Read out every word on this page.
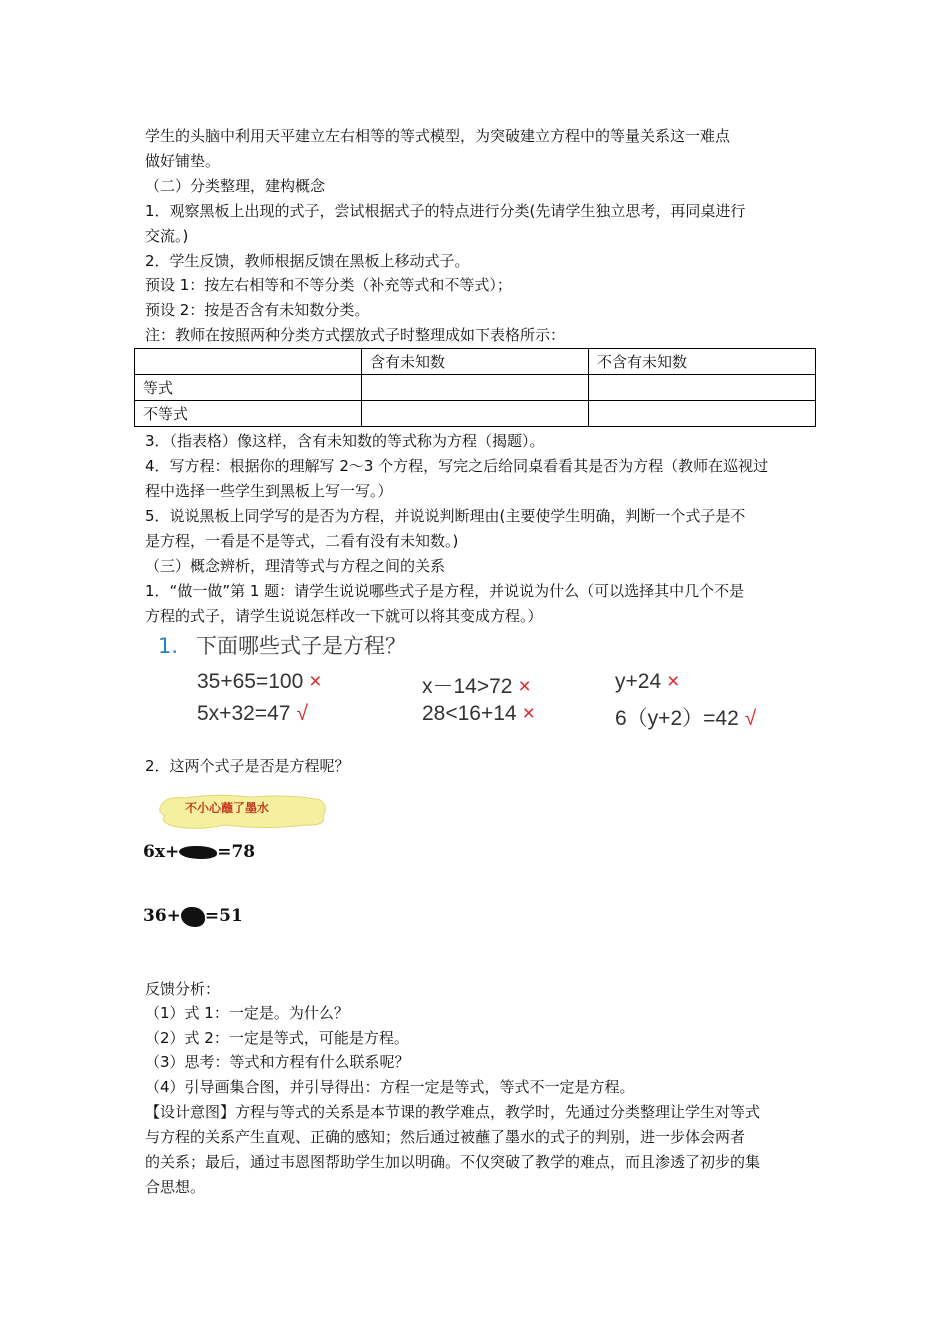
学生的头脑中利用天平建立左右相等的等式模型，为突破建立方程中的等量关系这一难点
做好铺垫。
（二）分类整理，建构概念
1．观察黑板上出现的式子，尝试根据式子的特点进行分类(先请学生独立思考，再同桌进行
交流。)
2．学生反馈，教师根据反馈在黑板上移动式子。
预设 1：按左右相等和不等分类（补充等式和不等式）；
预设 2：按是否含有未知数分类。
注：教师在按照两种分类方式摆放式子时整理成如下表格所示：
	含有未知数	不含有未知数
等式		
不等式		
3．（指表格）像这样，含有未知数的等式称为方程（揭题）。
4．写方程：根据你的理解写 2～3 个方程，写完之后给同桌看看其是否为方程（教师在巡视过
程中选择一些学生到黑板上写一写。）
5．说说黑板上同学写的是否为方程，并说说判断理由(主要使学生明确，判断一个式子是不
是方程，一看是不是等式，二看有没有未知数。)
（三）概念辨析，理清等式与方程之间的关系
1．“做一做”第 1 题：请学生说说哪些式子是方程，并说说为什么（可以选择其中几个不是
方程的式子，请学生说说怎样改一下就可以将其变成方程。）
1. 下面哪些式子是方程？
35+65=100 ×	x－14>72 ×	y+24 ×
5x+32=47 √	28<16+14 ×	6（y+2）=42 √
2．这两个式子是否是方程呢？
不小心蘸了墨水
6x+ =78
36+ =51
反馈分析：
（1）式 1：一定是。为什么？
（2）式 2：一定是等式，可能是方程。
（3）思考：等式和方程有什么联系呢？
（4）引导画集合图，并引导得出：方程一定是等式，等式不一定是方程。
【设计意图】方程与等式的关系是本节课的教学难点，教学时，先通过分类整理让学生对等式
与方程的关系产生直观、正确的感知；然后通过被蘸了墨水的式子的判别，进一步体会两者
的关系；最后，通过韦恩图帮助学生加以明确。不仅突破了教学的难点，而且渗透了初步的集
合思想。
